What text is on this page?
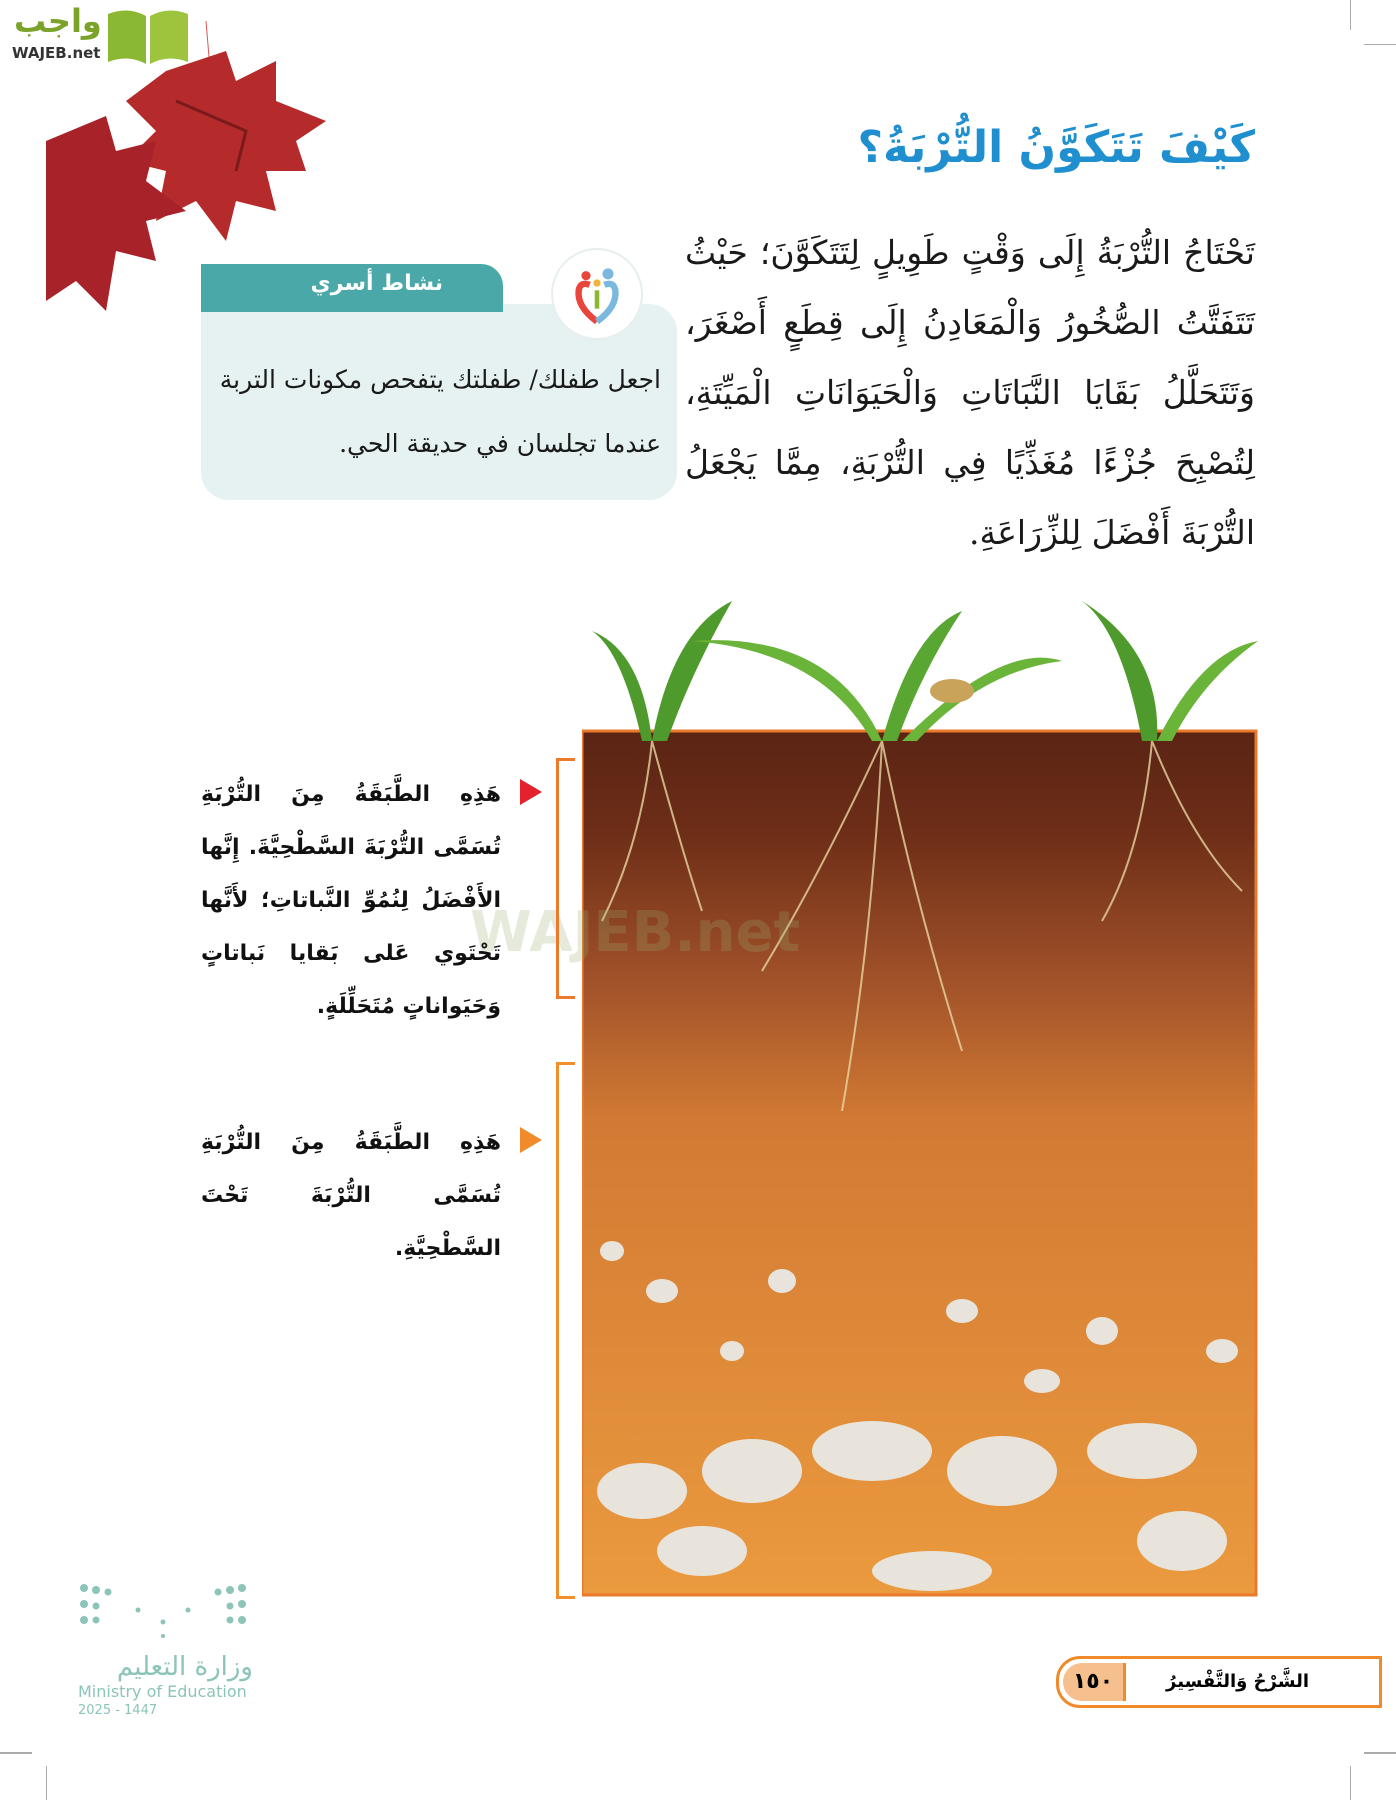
واجب
WAJEB.net
كَيْفَ تَتَكَوَّنُ التُّرْبَةُ؟
تَحْتَاجُ التُّرْبَةُ إِلَى وَقْتٍ طَوِيلٍ لِتَتَكَوَّنَ؛ حَيْثُ تَتَفَتَّتُ الصُّخُورُ وَالْمَعَادِنُ إِلَى قِطَعٍ أَصْغَرَ، وَتَتَحَلَّلُ بَقَايَا النَّبَاتَاتِ وَالْحَيَوَانَاتِ الْمَيِّتَةِ، لِتُصْبِحَ جُزْءًا مُغَذِّيًا فِي التُّرْبَةِ، مِمَّا يَجْعَلُ التُّرْبَةَ أَفْضَلَ لِلزِّرَاعَةِ.

اجعل طفلك/ طفلتك يتفحص مكونات التربة عندما تجلسان في حديقة الحي.

نشاط أسري
WAJEB.net
هَذِهِ الطَّبَقَةُ مِنَ التُّرْبَةِ تُسَمَّى التُّرْبَةَ السَّطْحِيَّةَ. إِنَّها الأَفْضَلُ لِنُمُوِّ النَّباتاتِ؛ لأَنَّها تَحْتَوي عَلى بَقايا نَباتاتٍ وَحَيَواناتٍ مُتَحَلِّلَةٍ.
هَذِهِ الطَّبَقَةُ مِنَ التُّرْبَةِ تُسَمَّى التُّرْبَةَ تَحْتَ السَّطْحِيَّةِ.
وزارة التعليم
Ministry of Education
2025 - 1447
١٥٠	الشَّرْحُ وَالتَّفْسِيرُ
